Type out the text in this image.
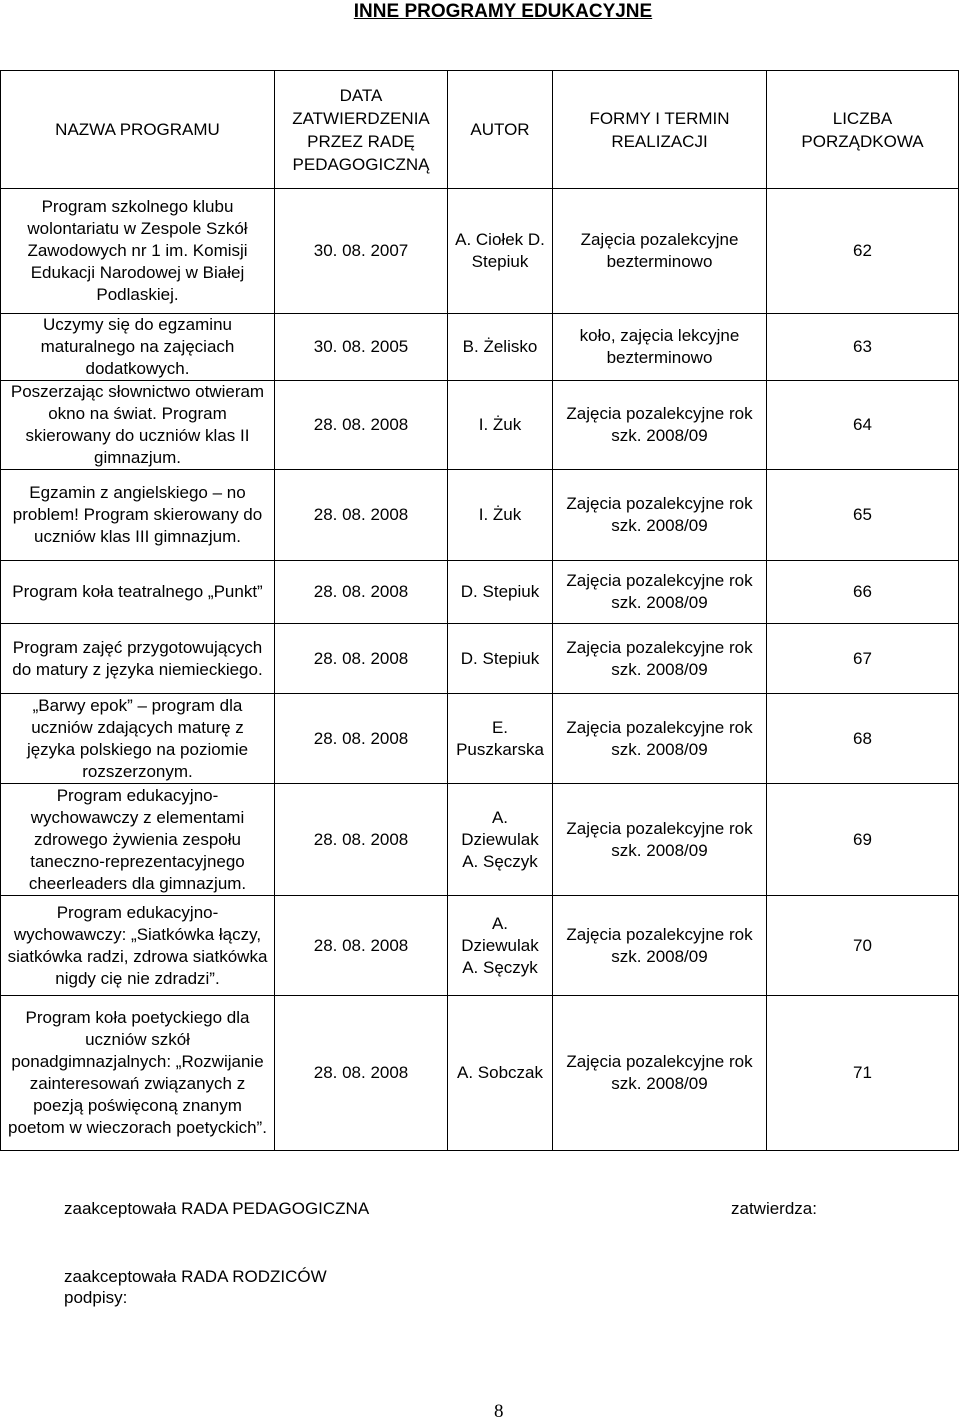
INNE PROGRAMY EDUKACYJNE
NAZWA PROGRAMU	DATA ZATWIERDZENIA PRZEZ RADĘ PEDAGOGICZNĄ	AUTOR	FORMY I TERMIN REALIZACJI	LICZBA PORZĄDKOWA
Program szkolnego klubu wolontariatu w Zespole Szkół Zawodowych nr 1 im. Komisji Edukacji Narodowej w Białej Podlaskiej.	30. 08. 2007	A. Ciołek D. Stepiuk	Zajęcia pozalekcyjne bezterminowo	62
Uczymy się do egzaminu maturalnego na zajęciach dodatkowych.	30. 08. 2005	B. Żelisko	koło, zajęcia lekcyjne bezterminowo	63
Poszerzając słownictwo otwieram okno na świat. Program skierowany do uczniów klas II gimnazjum.	28. 08. 2008	I. Żuk	Zajęcia pozalekcyjne rok szk. 2008/09	64
Egzamin z angielskiego – no problem! Program skierowany do uczniów klas III gimnazjum.	28. 08. 2008	I. Żuk	Zajęcia pozalekcyjne rok szk. 2008/09	65
Program koła teatralnego „Punkt”	28. 08. 2008	D. Stepiuk	Zajęcia pozalekcyjne rok szk. 2008/09	66
Program zajęć przygotowujących do matury z języka niemieckiego.	28. 08. 2008	D. Stepiuk	Zajęcia pozalekcyjne rok szk. 2008/09	67
„Barwy epok” – program dla uczniów zdających maturę z języka polskiego na poziomie rozszerzonym.	28. 08. 2008	E. Puszkarska	Zajęcia pozalekcyjne rok szk. 2008/09	68
Program edukacyjno-wychowawczy z elementami zdrowego żywienia zespołu taneczno-reprezentacyjnego cheerleaders dla gimnazjum.	28. 08. 2008	A. Dziewulak A. Sęczyk	Zajęcia pozalekcyjne rok szk. 2008/09	69
Program edukacyjno-wychowawczy: „Siatkówka łączy, siatkówka radzi, zdrowa siatkówka nigdy cię nie zdradzi”.	28. 08. 2008	A. Dziewulak A. Sęczyk	Zajęcia pozalekcyjne rok szk. 2008/09	70
Program koła poetyckiego dla uczniów szkół ponadgimnazjalnych: „Rozwijanie zainteresowań związanych z poezją poświęconą znanym poetom w wieczorach poetyckich”.	28. 08. 2008	A. Sobczak	Zajęcia pozalekcyjne rok szk. 2008/09	71
zaakceptowała RADA PEDAGOGICZNA	zatwierdza:
zaakceptowała RADA RODZICÓW
podpisy:
8
